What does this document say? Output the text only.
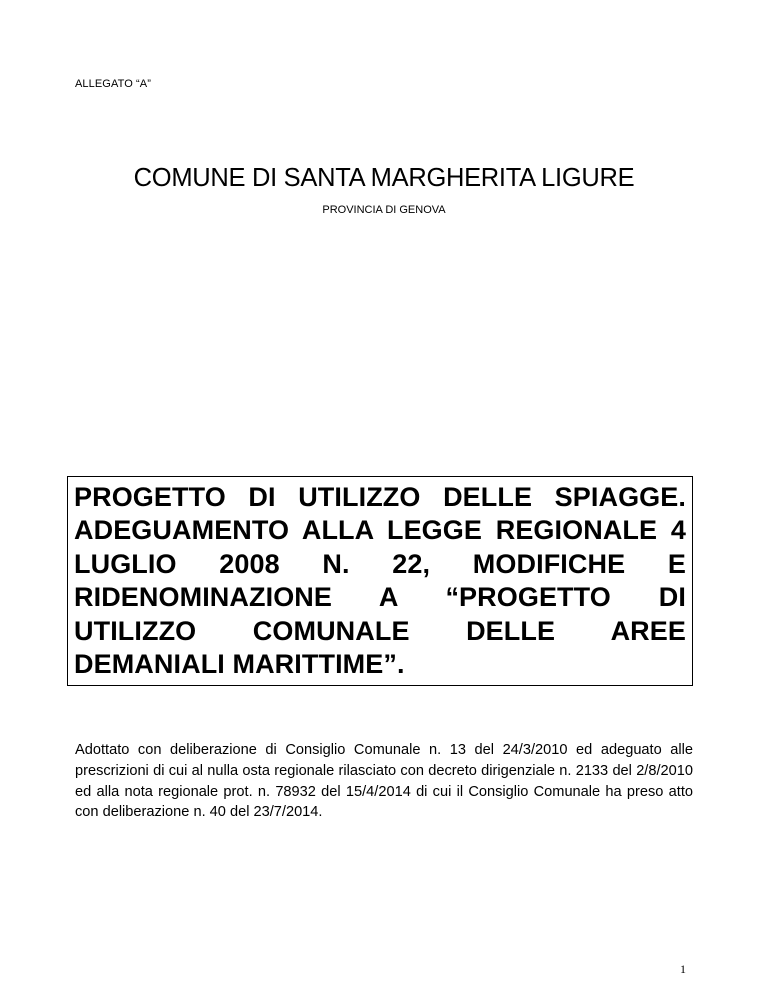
ALLEGATO “A”
COMUNE DI SANTA MARGHERITA LIGURE
PROVINCIA DI GENOVA
PROGETTO DI UTILIZZO DELLE SPIAGGE. ADEGUAMENTO ALLA LEGGE REGIONALE 4 LUGLIO 2008 N. 22, MODIFICHE E RIDENOMINAZIONE A “PROGETTO DI UTILIZZO COMUNALE DELLE AREE DEMANIALI MARITTIME”.

Adottato con deliberazione di Consiglio Comunale n. 13 del 24/3/2010 ed adeguato alle prescrizioni di cui al nulla osta regionale rilasciato con decreto dirigenziale n. 2133 del 2/8/2010 ed alla nota regionale prot. n. 78932 del 15/4/2014 di cui il Consiglio Comunale ha preso atto con deliberazione n. 40 del 23/7/2014.

1
